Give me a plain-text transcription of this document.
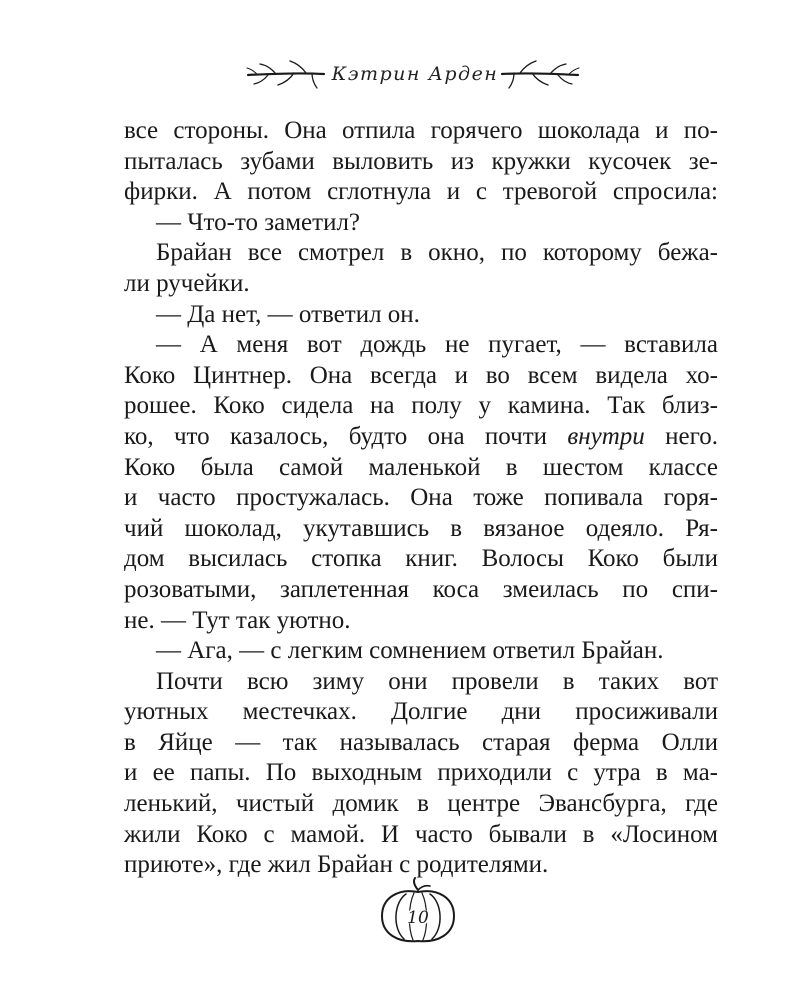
Кэтрин Арден
все стороны. Она отпила горячего шоколада и по-
пыталась зубами выловить из кружки кусочек зе-
фирки. А потом сглотнула и с тревогой спросила:
— Что-то заметил?
Брайан все смотрел в окно, по которому бежа-
ли ручейки.
— Да нет, — ответил он.
— А меня вот дождь не пугает, — вставила
Коко Цинтнер. Она всегда и во всем видела хо-
рошее. Коко сидела на полу у камина. Так близ-
ко, что казалось, будто она почти внутри него.
Коко была самой маленькой в шестом классе
и часто простужалась. Она тоже попивала горя-
чий шоколад, укутавшись в вязаное одеяло. Ря-
дом высилась стопка книг. Волосы Коко были
розоватыми, заплетенная коса змеилась по спи-
не. — Тут так уютно.
— Ага, — с легким сомнением ответил Брайан.
Почти всю зиму они провели в таких вот
уютных местечках. Долгие дни просиживали
в Яйце — так называлась старая ферма Олли
и ее папы. По выходным приходили с утра в ма-
ленький, чистый домик в центре Эвансбурга, где
жили Коко с мамой. И часто бывали в «Лосином
приюте», где жил Брайан с родителями.
10
